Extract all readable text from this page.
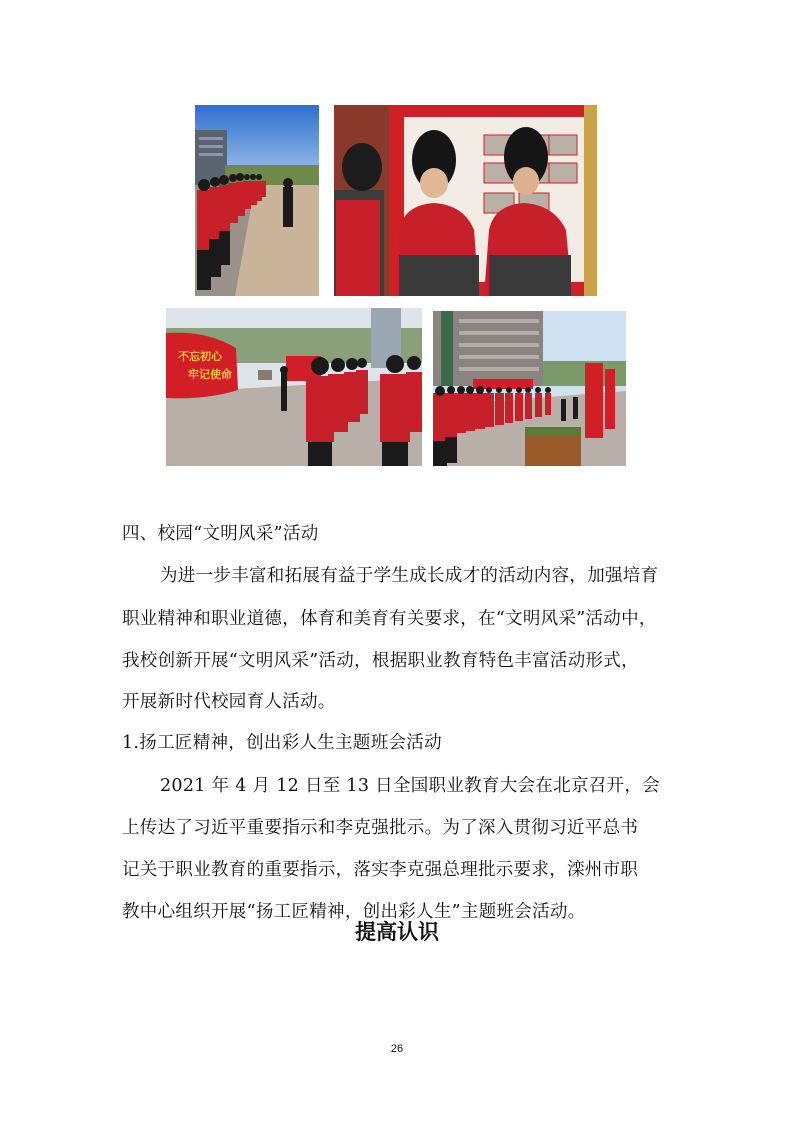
不忘初心
牢记使命
四、校园“文明风采”活动
为进一步丰富和拓展有益于学生成长成才的活动内容，加强培育
职业精神和职业道德，体育和美育有关要求，在“文明风采”活动中，
我校创新开展“文明风采”活动，根据职业教育特色丰富活动形式，
开展新时代校园育人活动。
1.扬工匠精神，创出彩人生主题班会活动
2021 年 4 月 12 日至 13 日全国职业教育大会在北京召开，会
上传达了习近平重要指示和李克强批示。为了深入贯彻习近平总书
记关于职业教育的重要指示，落实李克强总理批示要求，滦州市职
教中心组织开展“扬工匠精神，创出彩人生”主题班会活动。
提高认识
26
